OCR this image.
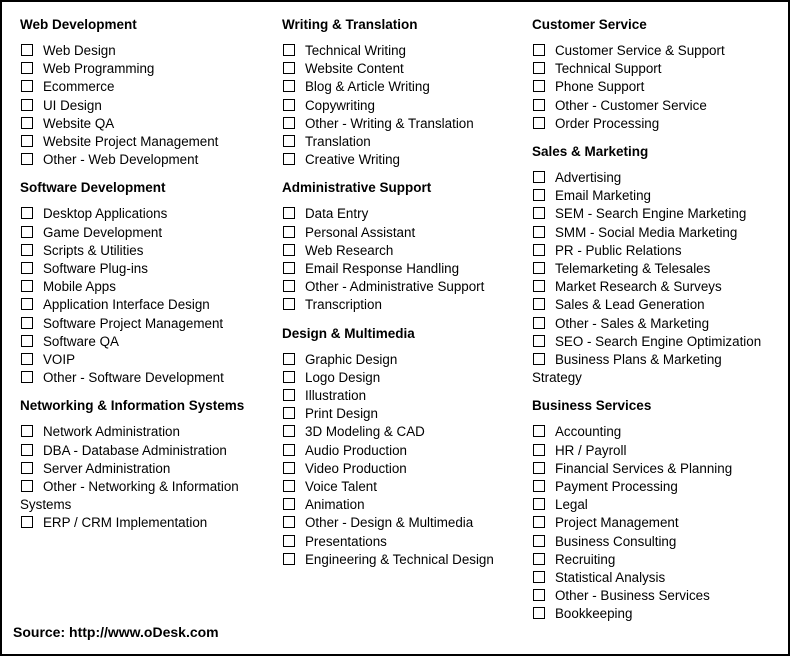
Web Development
Web Design
Web Programming
Ecommerce
UI Design
Website QA
Website Project Management
Other - Web Development
Software Development
Desktop Applications
Game Development
Scripts & Utilities
Software Plug-ins
Mobile Apps
Application Interface Design
Software Project Management
Software QA
VOIP
Other - Software Development
Networking & Information Systems
Network Administration
DBA - Database Administration
Server Administration
Other - Networking & Information
Systems
ERP / CRM Implementation
Writing & Translation
Technical Writing
Website Content
Blog & Article Writing
Copywriting
Other - Writing & Translation
Translation
Creative Writing
Administrative Support
Data Entry
Personal Assistant
Web Research
Email Response Handling
Other - Administrative Support
Transcription
Design & Multimedia
Graphic Design
Logo Design
Illustration
Print Design
3D Modeling & CAD
Audio Production
Video Production
Voice Talent
Animation
Other - Design & Multimedia
Presentations
Engineering & Technical Design
Customer Service
Customer Service & Support
Technical Support
Phone Support
Other - Customer Service
Order Processing
Sales & Marketing
Advertising
Email Marketing
SEM - Search Engine Marketing
SMM - Social Media Marketing
PR - Public Relations
Telemarketing & Telesales
Market Research & Surveys
Sales & Lead Generation
Other - Sales & Marketing
SEO - Search Engine Optimization
Business Plans & Marketing
Strategy
Business Services
Accounting
HR / Payroll
Financial Services & Planning
Payment Processing
Legal
Project Management
Business Consulting
Recruiting
Statistical Analysis
Other - Business Services
Bookkeeping
Source: http://www.oDesk.com
